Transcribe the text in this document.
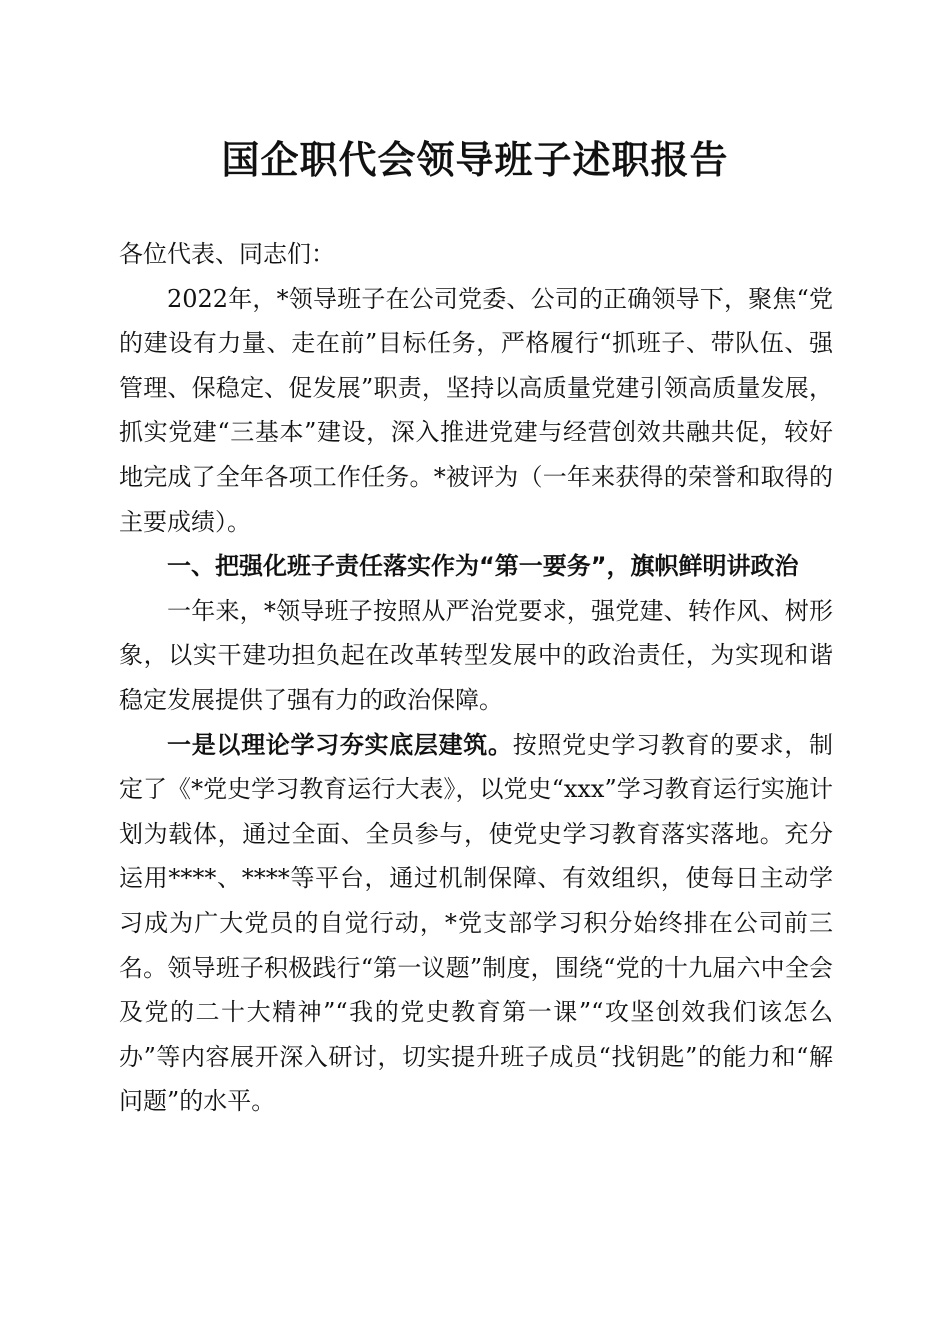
国企职代会领导班子述职报告

各位代表、同志们：

2022年，*领导班子在公司党委、公司的正确领导下，聚焦“党的建设有力量、走在前”目标任务，严格履行“抓班子、带队伍、强管理、保稳定、促发展”职责，坚持以高质量党建引领高质量发展，抓实党建“三基本”建设，深入推进党建与经营创效共融共促，较好地完成了全年各项工作任务。*被评为（一年来获得的荣誉和取得的主要成绩）。

一、把强化班子责任落实作为“第一要务”，旗帜鲜明讲政治

一年来，*领导班子按照从严治党要求，强党建、转作风、树形象，以实干建功担负起在改革转型发展中的政治责任，为实现和谐稳定发展提供了强有力的政治保障。

一是以理论学习夯实底层建筑。按照党史学习教育的要求，制定了《*党史学习教育运行大表》，以党史“xxx”学习教育运行实施计划为载体，通过全面、全员参与，使党史学习教育落实落地。充分运用****、****等平台，通过机制保障、有效组织，使每日主动学习成为广大党员的自觉行动，*党支部学习积分始终排在公司前三名。领导班子积极践行“第一议题”制度，围绕“党的十九届六中全会及党的二十大精神”“我的党史教育第一课”“攻坚创效我们该怎么办”等内容展开深入研讨，切实提升班子成员“找钥匙”的能力和“解问题”的水平。
